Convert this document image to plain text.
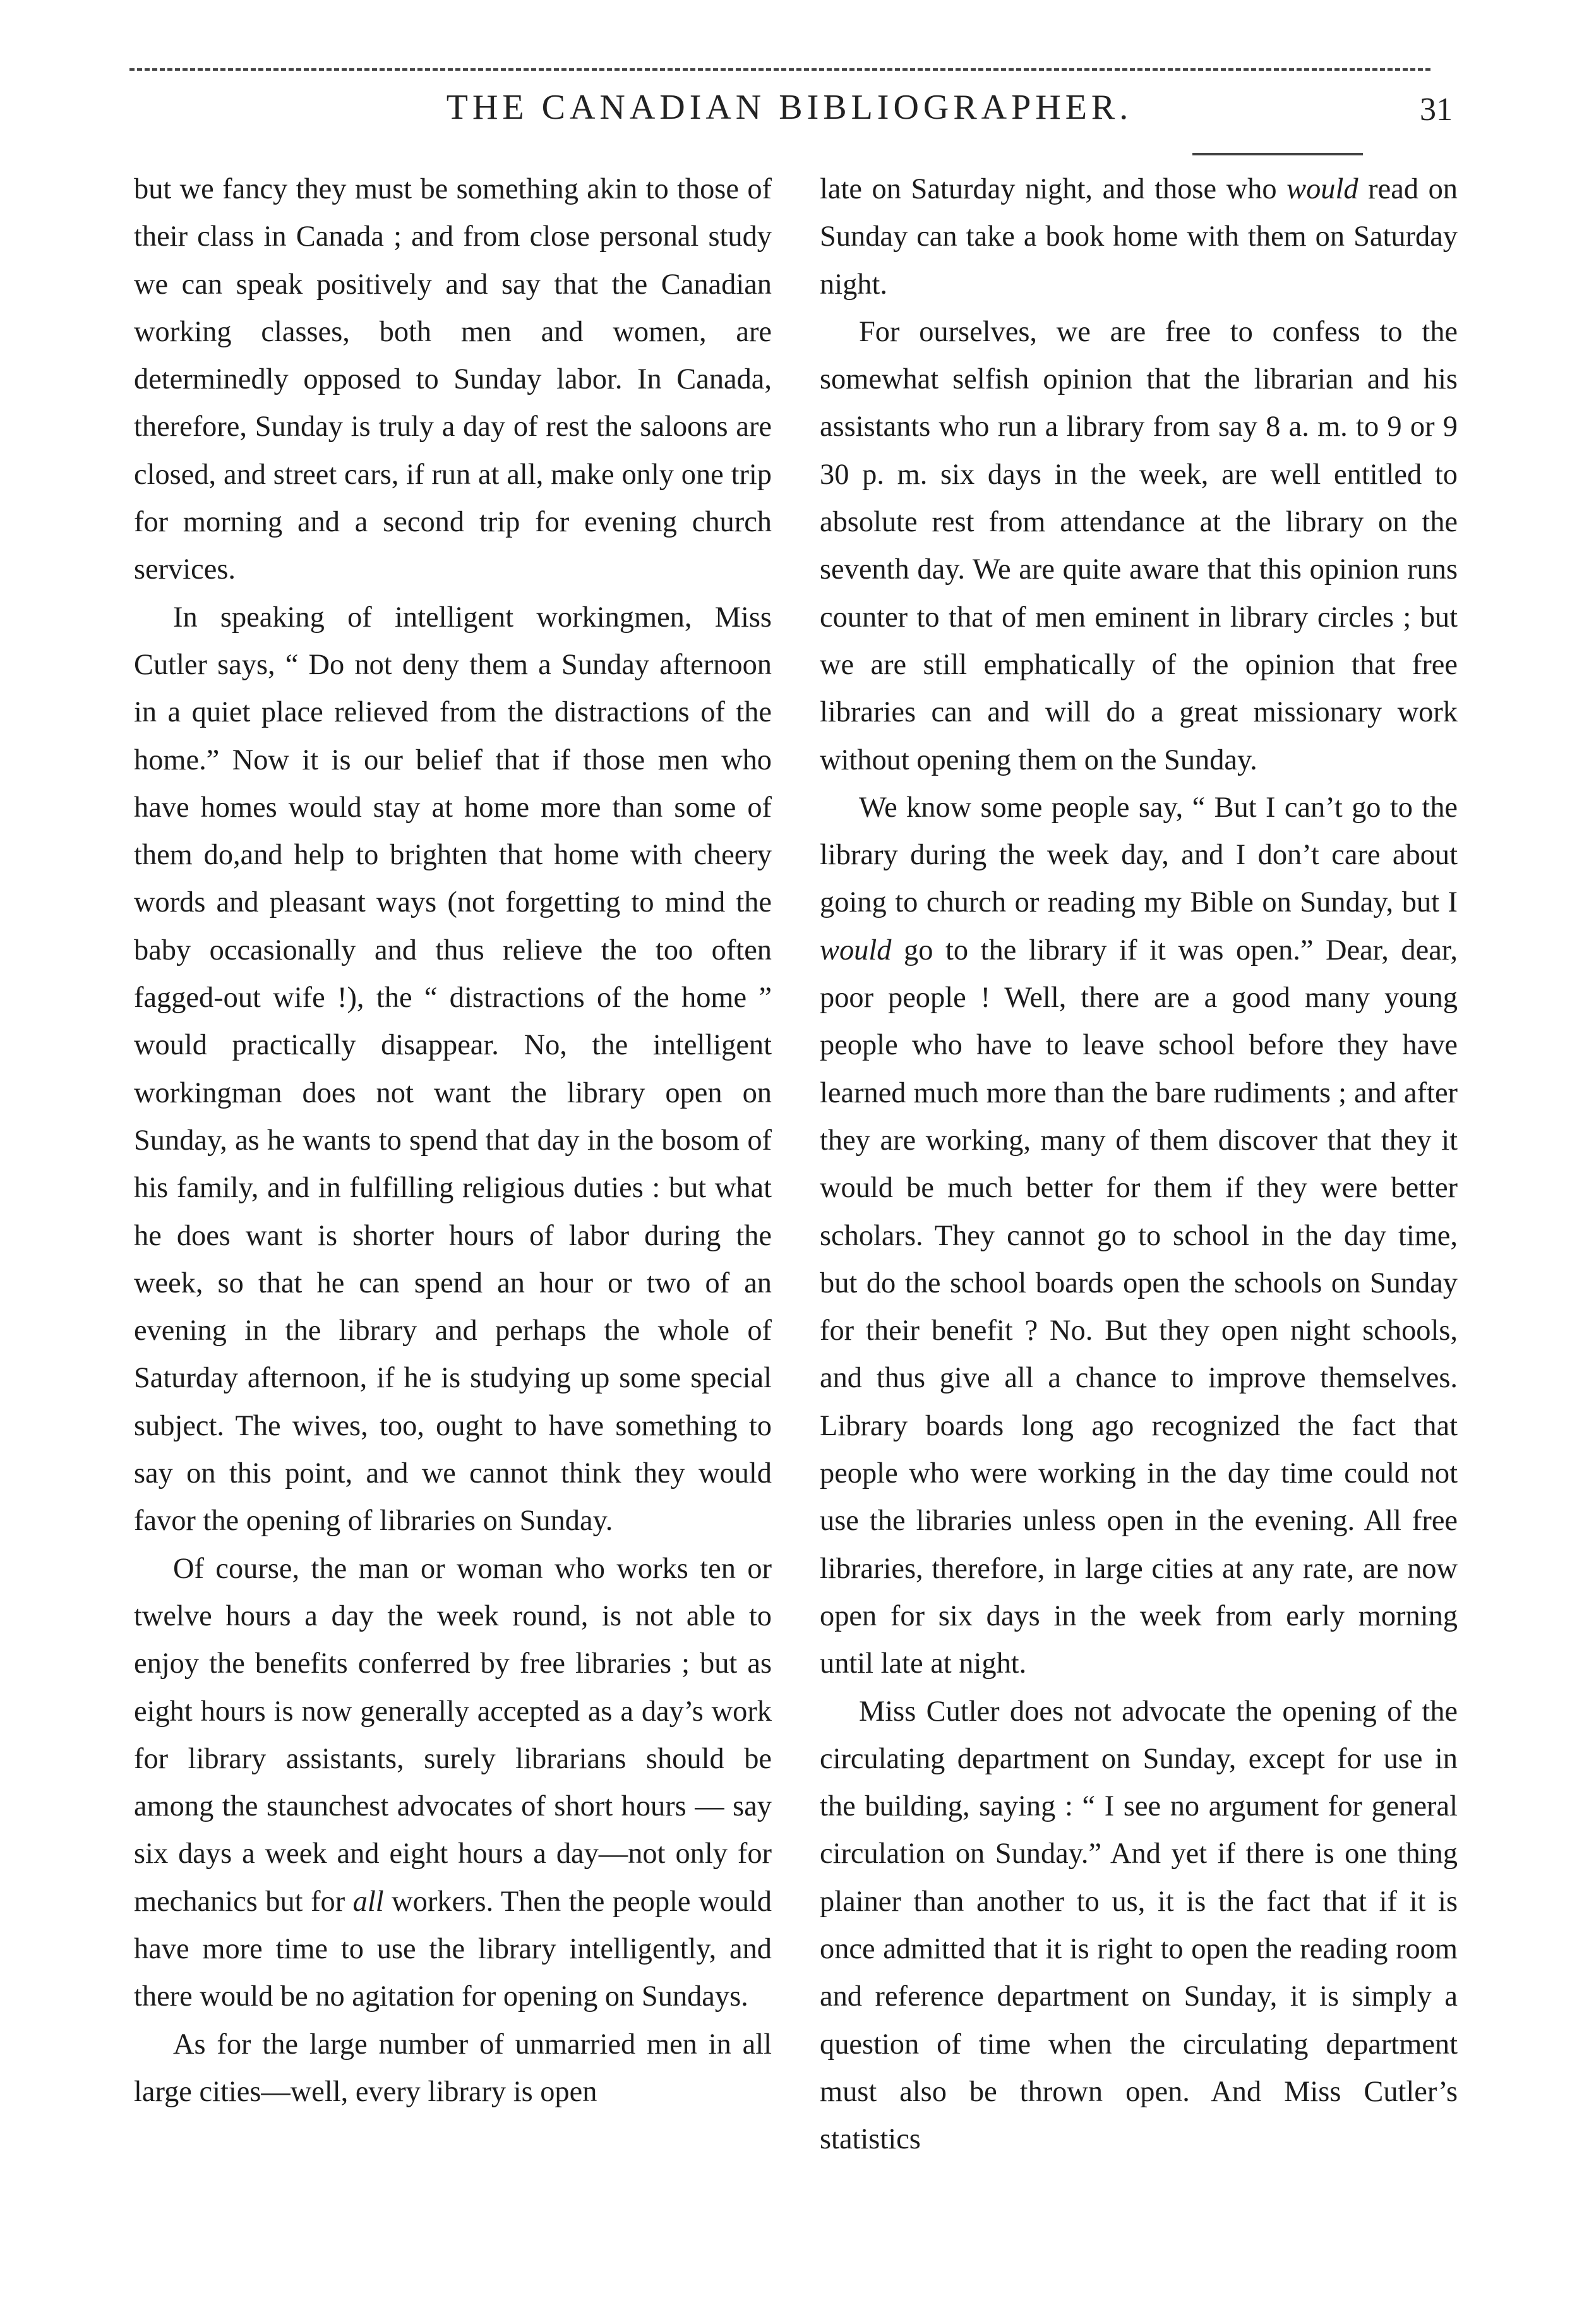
THE CANADIAN BIBLIOGRAPHER.	31

but we fancy they must be something akin to those of their class in Canada ; and from close personal study we can speak positively and say that the Canadian working classes, both men and women, are determinedly opposed to Sunday labor. In Canada, therefore, Sunday is truly a day of rest the saloons are closed, and street cars, if run at all, make only one trip for morning and a second trip for evening church services.

In speaking of intelligent workingmen, Miss Cutler says, “ Do not deny them a Sunday afternoon in a quiet place relieved from the distractions of the home.” Now it is our belief that if those men who have homes would stay at home more than some of them do,and help to brighten that home with cheery words and pleasant ways (not forgetting to mind the baby occasionally and thus relieve the too often fagged-out wife !), the “ distractions of the home ” would practically disappear. No, the intelligent workingman does not want the library open on Sunday, as he wants to spend that day in the bosom of his family, and in fulfilling religious duties : but what he does want is shorter hours of labor during the week, so that he can spend an hour or two of an evening in the library and perhaps the whole of Saturday afternoon, if he is studying up some special subject. The wives, too, ought to have something to say on this point, and we cannot think they would favor the opening of libraries on Sunday.

Of course, the man or woman who works ten or twelve hours a day the week round, is not able to enjoy the benefits conferred by free libraries ; but as eight hours is now generally accepted as a day’s work for library assistants, surely librarians should be among the staunchest advocates of short hours — say six days a week and eight hours a day—not only for mechanics but for all workers. Then the people would have more time to use the library intelligently, and there would be no agitation for opening on Sundays.

As for the large number of unmarried men in all large cities—well, every library is open

late on Saturday night, and those who would read on Sunday can take a book home with them on Saturday night.

For ourselves, we are free to confess to the somewhat selfish opinion that the librarian and his assistants who run a library from say 8 a. m. to 9 or 9 30 p. m. six days in the week, are well entitled to absolute rest from attendance at the library on the seventh day. We are quite aware that this opinion runs counter to that of men eminent in library circles ; but we are still emphatically of the opinion that free libraries can and will do a great missionary work without opening them on the Sunday.

We know some people say, “ But I can’t go to the library during the week day, and I don’t care about going to church or reading my Bible on Sunday, but I would go to the library if it was open.” Dear, dear, poor people ! Well, there are a good many young people who have to leave school before they have learned much more than the bare rudiments ; and after they are working, many of them discover that they it would be much better for them if they were better scholars. They cannot go to school in the day time, but do the school boards open the schools on Sunday for their benefit ? No. But they open night schools, and thus give all a chance to improve themselves. Library boards long ago recognized the fact that people who were working in the day time could not use the libraries unless open in the evening. All free libraries, therefore, in large cities at any rate, are now open for six days in the week from early morning until late at night.

Miss Cutler does not advocate the opening of the circulating department on Sunday, except for use in the building, saying : “ I see no argument for general circulation on Sunday.” And yet if there is one thing plainer than another to us, it is the fact that if it is once admitted that it is right to open the reading room and reference department on Sunday, it is simply a question of time when the circulating department must also be thrown open. And Miss Cutler’s statistics
